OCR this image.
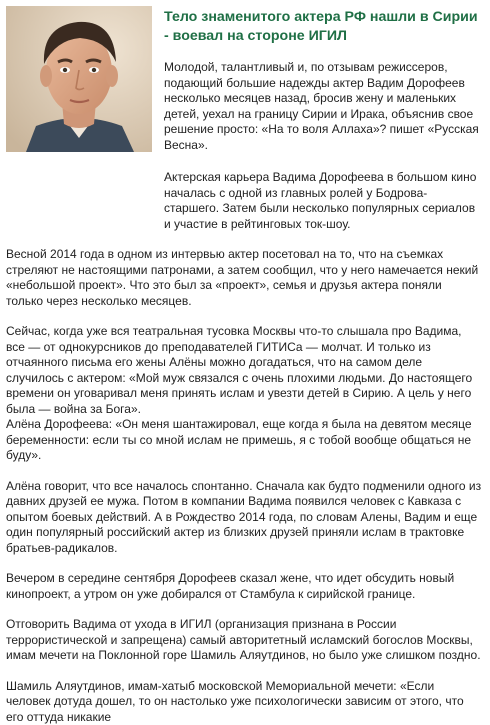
Тело знаменитого актера РФ нашли в Сирии - воевал на стороне ИГИЛ

Молодой, талантливый и, по отзывам режиссеров, подающий большие надежды актер Вадим Дорофеев несколько месяцев назад, бросив жену и маленьких детей, уехал на границу Сирии и Ирака, объяснив свое решение просто: «На то воля Аллаха»? пишет «Русская Весна».

Актерская карьера Вадима Дорофеева в большом кино началась с одной из главных ролей у Бодрова-старшего. Затем были несколько популярных сериалов и участие в рейтинговых ток-шоу.

Весной 2014 года в одном из интервью актер посетовал на то, что на съемках стреляют не настоящими патронами, а затем сообщил, что у него намечается некий «небольшой проект». Что это был за «проект», семья и друзья актера поняли только через несколько месяцев.

Сейчас, когда уже вся театральная тусовка Москвы что-то слышала про Вадима, все — от однокурсников до преподавателей ГИТИСа — молчат. И только из отчаянного письма его жены Алёны можно догадаться, что на самом деле случилось с актером: «Мой муж связался с очень плохими людьми. До настоящего времени он уговаривал меня принять ислам и увезти детей в Сирию. А цель у него была — война за Бога».

Алёна Дорофеева: «Он меня шантажировал, еще когда я была на девятом месяце беременности: если ты со мной ислам не примешь, я с тобой вообще общаться не буду».

Алёна говорит, что все началось спонтанно. Сначала как будто подменили одного из давних друзей ее мужа. Потом в компании Вадима появился человек с Кавказа с опытом боевых действий. А в Рождество 2014 года, по словам Алены, Вадим и еще один популярный российский актер из близких друзей приняли ислам в трактовке братьев-радикалов.

Вечером в середине сентября Дорофеев сказал жене, что идет обсудить новый кинопроект, а утром он уже добирался от Стамбула к сирийской границе.

Отговорить Вадима от ухода в ИГИЛ (организация признана в России террористической и запрещена) самый авторитетный исламский богослов Москвы, имам мечети на Поклонной горе Шамиль Аляутдинов, но было уже слишком поздно.

Шамиль Аляутдинов, имам-хатыб московской Мемориальной мечети: «Если человек дотуда дошел, то он настолько уже психологически зависим от этого, что его оттуда никакие
